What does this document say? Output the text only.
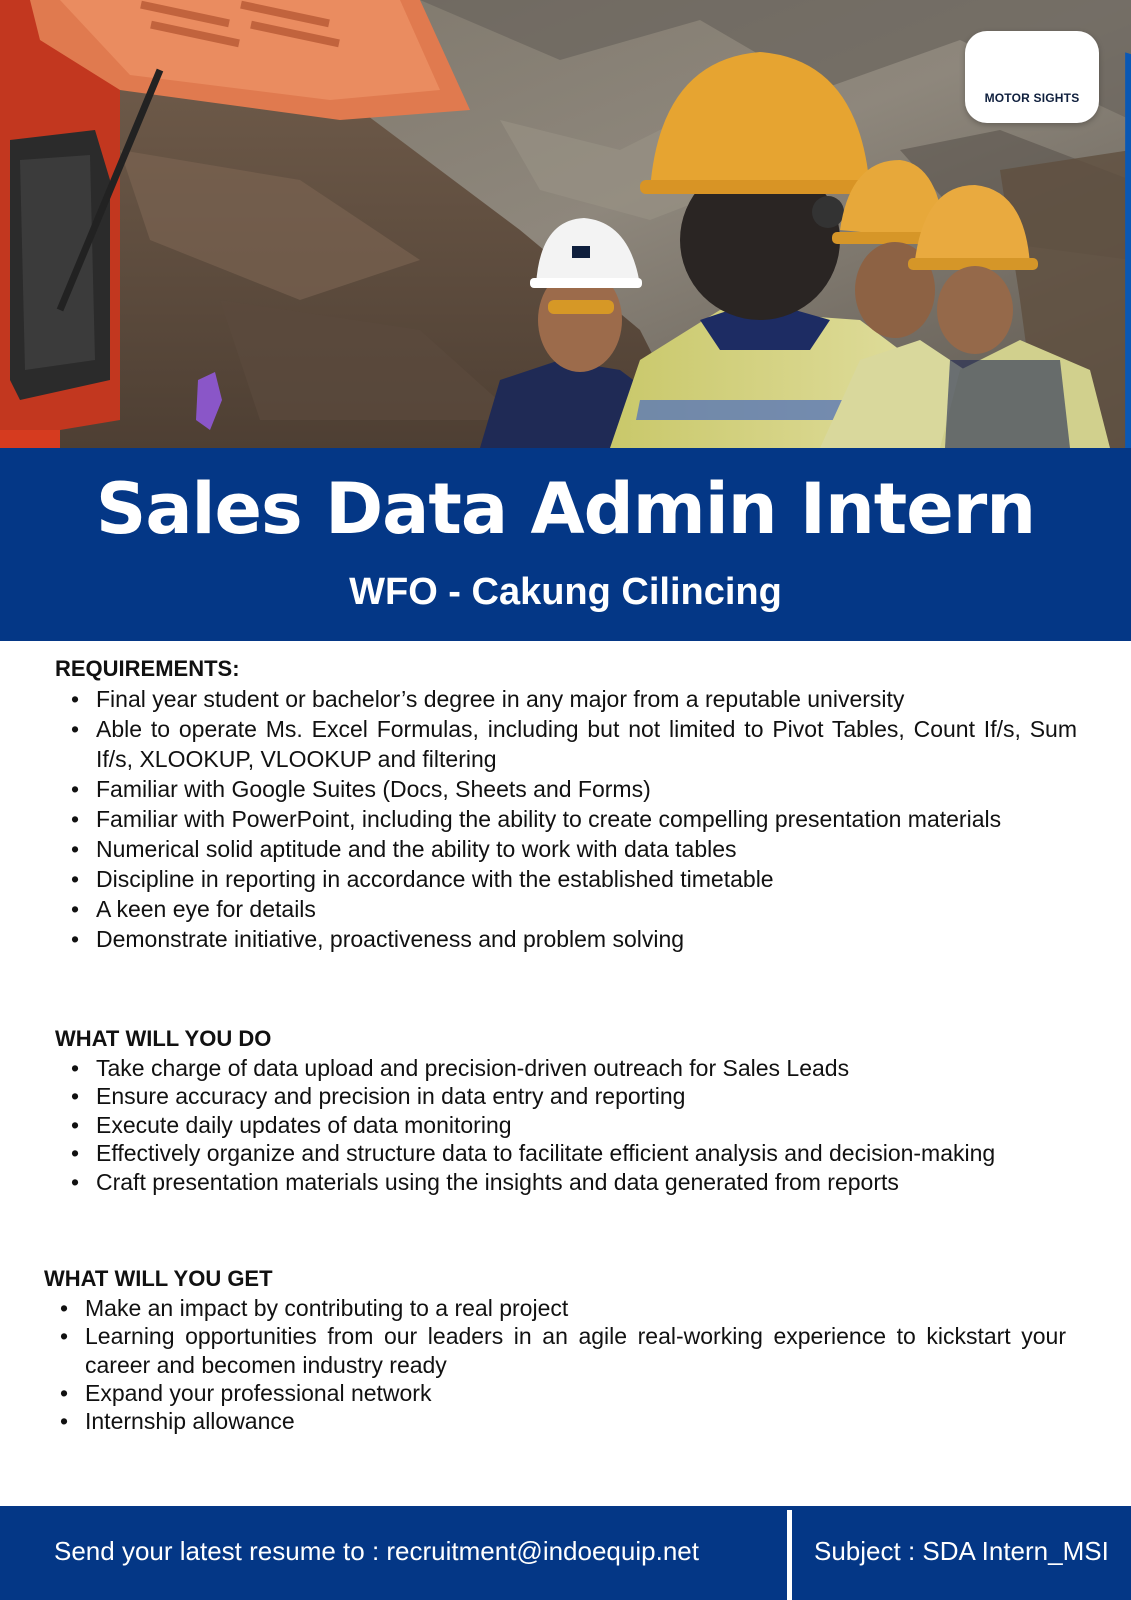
MOTOR SIGHTS
Sales Data Admin Intern
WFO - Cakung Cilincing
REQUIREMENTS:
• Final year student or bachelor’s degree in any major from a reputable university
• Able to operate Ms. Excel Formulas, including but not limited to Pivot Tables, Count If/s, Sum If/s, XLOOKUP, VLOOKUP and filtering
• Familiar with Google Suites (Docs, Sheets and Forms)
• Familiar with PowerPoint, including the ability to create compelling presentation materials
• Numerical solid aptitude and the ability to work with data tables
• Discipline in reporting in accordance with the established timetable
• A keen eye for details
• Demonstrate initiative, proactiveness and problem solving
WHAT WILL YOU DO
• Take charge of data upload and precision-driven outreach for Sales Leads
• Ensure accuracy and precision in data entry and reporting
• Execute daily updates of data monitoring
• Effectively organize and structure data to facilitate efficient analysis and decision-making
• Craft presentation materials using the insights and data generated from reports
WHAT WILL YOU GET
• Make an impact by contributing to a real project
• Learning opportunities from our leaders in an agile real-working experience to kickstart your career and becomen industry ready
• Expand your professional network
• Internship allowance
Send your latest resume to : recruitment@indoequip.net	Subject : SDA Intern_MSI
